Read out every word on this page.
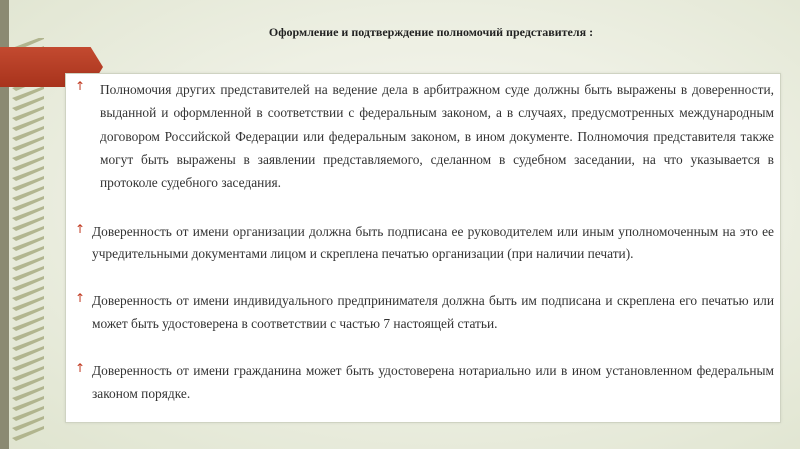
Оформление и подтверждение полномочий представителя :
↑ Полномочия других представителей на ведение дела в арбитражном суде должны быть выражены в доверенности, выданной и оформленной в соответствии с федеральным законом, а в случаях, предусмотренных международным договором Российской Федерации или федеральным законом, в ином документе. Полномочия представителя также могут быть выражены в заявлении представляемого, сделанном в судебном заседании, на что указывается в протоколе судебного заседания.
↑ Доверенность от имени организации должна быть подписана ее руководителем или иным уполномоченным на это ее учредительными документами лицом и скреплена печатью организации (при наличии печати).
↑ Доверенность от имени индивидуального предпринимателя должна быть им подписана и скреплена его печатью или может быть удостоверена в соответствии с частью 7 настоящей статьи.
↑ Доверенность от имени гражданина может быть удостоверена нотариально или в ином установленном федеральным законом порядке.
